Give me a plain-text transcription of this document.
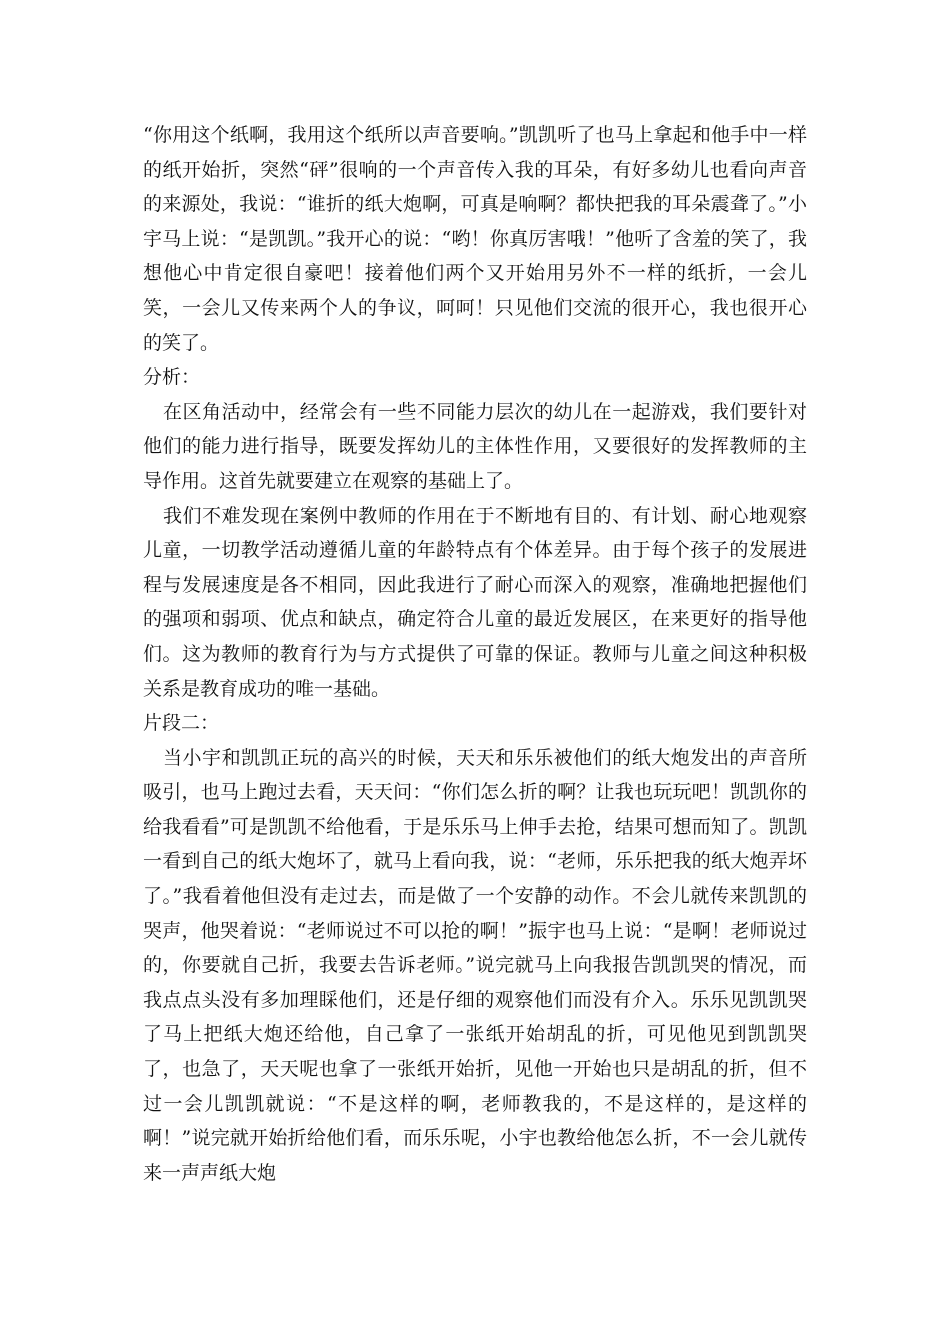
“你用这个纸啊，我用这个纸所以声音要响。”凯凯听了也马上拿起和他手中一样的纸开始折，突然“砰”很响的一个声音传入我的耳朵，有好多幼儿也看向声音的来源处，我说：“谁折的纸大炮啊，可真是响啊？都快把我的耳朵震聋了。”小宇马上说：“是凯凯。”我开心的说：“哟！你真厉害哦！”他听了含羞的笑了，我想他心中肯定很自豪吧！接着他们两个又开始用另外不一样的纸折，一会儿笑，一会儿又传来两个人的争议，呵呵！只见他们交流的很开心，我也很开心的笑了。

分析：

在区角活动中，经常会有一些不同能力层次的幼儿在一起游戏，我们要针对他们的能力进行指导，既要发挥幼儿的主体性作用，又要很好的发挥教师的主导作用。这首先就要建立在观察的基础上了。

我们不难发现在案例中教师的作用在于不断地有目的、有计划、耐心地观察儿童，一切教学活动遵循儿童的年龄特点有个体差异。由于每个孩子的发展进程与发展速度是各不相同，因此我进行了耐心而深入的观察，准确地把握他们的强项和弱项、优点和缺点，确定符合儿童的最近发展区，在来更好的指导他们。这为教师的教育行为与方式提供了可靠的保证。教师与儿童之间这种积极关系是教育成功的唯一基础。

片段二：

当小宇和凯凯正玩的高兴的时候，天天和乐乐被他们的纸大炮发出的声音所吸引，也马上跑过去看，天天问：“你们怎么折的啊？让我也玩玩吧！凯凯你的给我看看”可是凯凯不给他看，于是乐乐马上伸手去抢，结果可想而知了。凯凯一看到自己的纸大炮坏了，就马上看向我，说：“老师，乐乐把我的纸大炮弄坏了。”我看着他但没有走过去，而是做了一个安静的动作。不会儿就传来凯凯的哭声，他哭着说：“老师说过不可以抢的啊！”振宇也马上说：“是啊！老师说过的，你要就自己折，我要去告诉老师。”说完就马上向我报告凯凯哭的情况，而我点点头没有多加理睬他们，还是仔细的观察他们而没有介入。乐乐见凯凯哭了马上把纸大炮还给他，自己拿了一张纸开始胡乱的折，可见他见到凯凯哭了，也急了，天天呢也拿了一张纸开始折，见他一开始也只是胡乱的折，但不过一会儿凯凯就说：“不是这样的啊，老师教我的，不是这样的，是这样的啊！”说完就开始折给他们看，而乐乐呢，小宇也教给他怎么折，不一会儿就传来一声声纸大炮
